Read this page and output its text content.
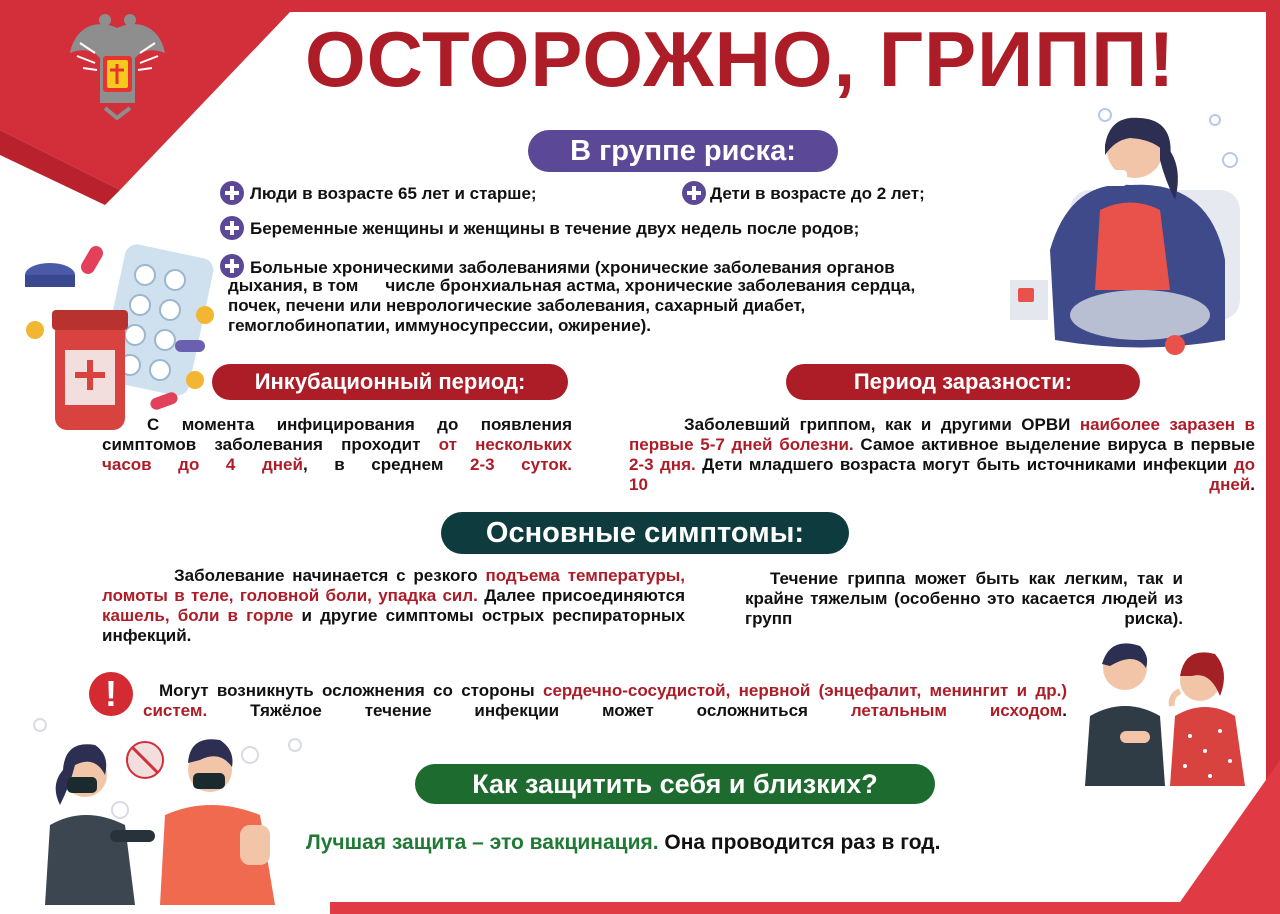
ОСТОРОЖНО, ГРИПП!
В группе риска:
Люди в возрасте 65 лет и старше;	Дети в возрасте до 2 лет;
Беременные женщины и женщины в течение двух недель после родов;
Больные хроническими заболеваниями (хронические заболевания органов
дыхания, в том числе бронхиальная астма, хронические заболевания сердца,
почек, печени или неврологические заболевания, сахарный диабет,
гемоглобинопатии, иммуносупрессии, ожирение).
Инкубационный период:
С момента инфицирования до появления симптомов заболевания проходит от нескольких часов до 4 дней, в среднем 2-3 суток.
Период заразности:
Заболевший гриппом, как и другими ОРВИ наиболее заразен в первые 5-7 дней болезни. Самое активное выделение вируса в первые 2-3 дня. Дети младшего возраста могут быть источниками инфекции до 10 дней.
Основные симптомы:
Заболевание начинается с резкого подъема температуры, ломоты в теле, головной боли, упадка сил. Далее присоединяются кашель, боли в горле и другие симптомы острых респираторных инфекций.
Течение гриппа может быть как легким, так и крайне тяжелым (особенно это касается людей из групп риска).
!	Могут возникнуть осложнения со стороны сердечно-сосудистой, нервной (энцефалит, менингит и др.) систем. Тяжёлое течение инфекции может осложниться летальным исходом.
Как защитить себя и близких?
Лучшая защита – это вакцинация. Она проводится раз в год.
